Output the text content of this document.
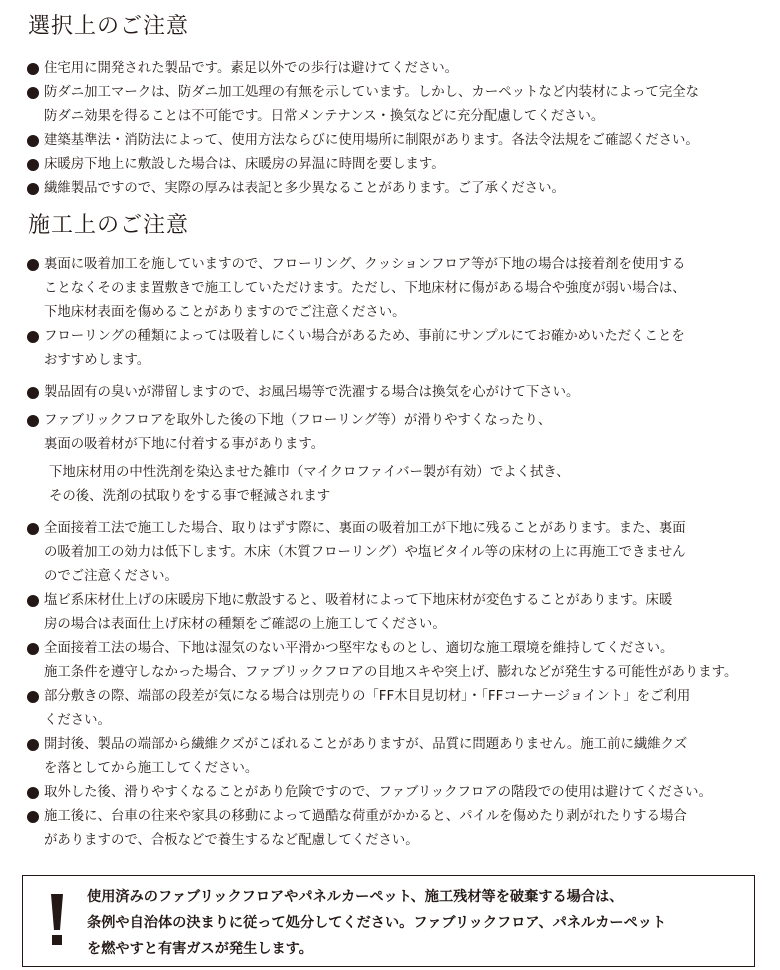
選択上のご注意
住宅用に開発された製品です。素足以外での歩行は避けてください。
防ダニ加工マークは、防ダニ加工処理の有無を示しています。しかし、カーペットなど内装材によって完全な
防ダニ効果を得ることは不可能です。日常メンテナンス・換気などに充分配慮してください。
建築基準法・消防法によって、使用方法ならびに使用場所に制限があります。各法令法規をご確認ください。
床暖房下地上に敷設した場合は、床暖房の昇温に時間を要します。
繊維製品ですので、実際の厚みは表記と多少異なることがあります。ご了承ください。
施工上のご注意
裏面に吸着加工を施していますので、フローリング、クッションフロア等が下地の場合は接着剤を使用する
ことなくそのまま置敷きで施工していただけます。ただし、下地床材に傷がある場合や強度が弱い場合は、
下地床材表面を傷めることがありますのでご注意ください。
フローリングの種類によっては吸着しにくい場合があるため、事前にサンプルにてお確かめいただくことを
おすすめします。
製品固有の臭いが滞留しますので、お風呂場等で洗濯する場合は換気を心がけて下さい。
ファブリックフロアを取外した後の下地（フローリング等）が滑りやすくなったり、
裏面の吸着材が下地に付着する事があります。
下地床材用の中性洗剤を染込ませた雑巾（マイクロファイバー製が有効）でよく拭き、
その後、洗剤の拭取りをする事で軽減されます
全面接着工法で施工した場合、取りはずす際に、裏面の吸着加工が下地に残ることがあります。また、裏面
の吸着加工の効力は低下します。木床（木質フローリング）や塩ビタイル等の床材の上に再施工できません
のでご注意ください。
塩ビ系床材仕上げの床暖房下地に敷設すると、吸着材によって下地床材が変色することがあります。床暖
房の場合は表面仕上げ床材の種類をご確認の上施工してください。
全面接着工法の場合、下地は湿気のない平滑かつ堅牢なものとし、適切な施工環境を維持してください。
施工条件を遵守しなかった場合、ファブリックフロアの目地スキや突上げ、膨れなどが発生する可能性があります。
部分敷きの際、端部の段差が気になる場合は別売りの「FF木目見切材」・「FFコーナージョイント」をご利用
ください。
開封後、製品の端部から繊維クズがこぼれることがありますが、品質に問題ありません。施工前に繊維クズ
を落としてから施工してください。
取外した後、滑りやすくなることがあり危険ですので、ファブリックフロアの階段での使用は避けてください。
施工後に、台車の往来や家具の移動によって過酷な荷重がかかると、パイルを傷めたり剥がれたりする場合
がありますので、合板などで養生するなど配慮してください。

使用済みのファブリックフロアやパネルカーペット、施工残材等を破棄する場合は、
条例や自治体の決まりに従って処分してください。ファブリックフロア、パネルカーペット
を燃やすと有害ガスが発生します。
